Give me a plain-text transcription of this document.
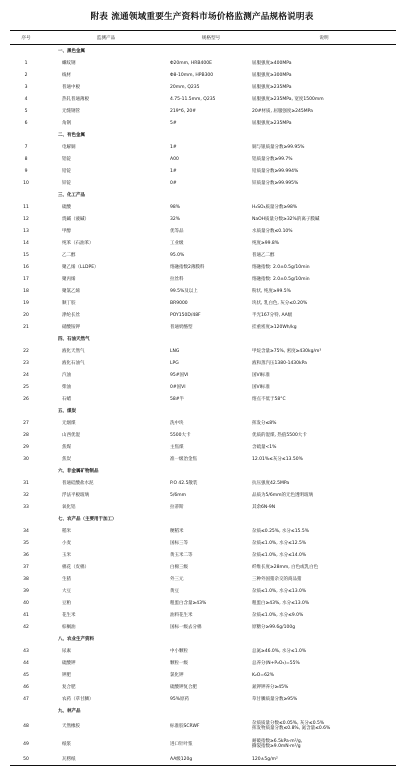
附表 流通领域重要生产资料市场价格监测产品规格说明表
序号	监测产品	规格型号	说明
	一、黑色金属		
1	螺纹钢	Φ20mm, HRB400E	屈服强度≥400MPa
2	线材	Φ8-10mm, HPB300	屈服强度≥300MPa
3	普通中板	20mm, Q235	屈服强度≥235MPa
4	热轧普通薄板	4.75-11.5mm, Q235	屈服强度≥235MPa, 宽度1500mm
5	无缝钢管	219*6, 20#	20#材质, 屈服强度≥245MPa
6	角钢	5#	屈服强度≥235MPa
	二、有色金属		
7	电解铜	1#	铜与银质量分数≥99.95%
8	铝锭	A00	铝质量分数≥99.7%
9	铅锭	1#	铅质量分数≥99.994%
10	锌锭	0#	锌质量分数≥99.995%
	三、化工产品		
11	硫酸	98%	H₂SO₄质量分数≥98%
12	烧碱（液碱）	32%	NaOH质量分数≥32%的离子膜碱
13	甲醇	优等品	水质量分数≤0.10%
14	纯苯（石油苯）	工业级	纯度≥99.8%
15	乙二醇	95.0%	普通乙二醇
16	聚乙烯（LLDPE）	熔融指数2薄膜料	熔融指数: 2.0±0.5g/10min
17	聚丙烯	拉丝料	熔融指数: 2.0±0.5g/10min
18	聚氯乙烯	99.5%及以上	粉状, 纯度≥99.5%
19	顺丁胶	BR9000	块状, 乳白色, 灰分≤0.20%
20	涤纶长丝	POY150D/48F	半光167分特, AA级
21	硝酸铵钾	普通奶酪型	挂重密度≥120Wh/kg
	四、石油天然气		
22	液化天然气	LNG	甲烷含量≥75%, 密度≥430kg/m³
23	液化石油气	LPG	液和蒸汽压1380-1430kPa
24	汽油	95#国VI	国VI标准
25	柴油	0#国VI	国VI标准
26	石蜡	58#半	熔点不低于58°C
	五、煤炭		
27	无烟煤	洗中块	挥发分≤8%
28	山西优混	5500大卡	优质的混煤, 热值5500大卡
29	焦煤	主焦煤	含硫量<1%
30	焦炭	准一级冶金焦	12.01%≤灰分≤13.50%
	六、非金属矿物制品		
31	普通硅酸盐水泥	P.O 42.5散装	抗压强度42.5MPa
32	浮法平板玻璃	5/6mm	品质为5/6mm的无色透明玻璃
33	氧化铝	拉蒂斯	其余6N-9N
	七、农产品（主要用于加工）		
34	稻米	粳稻米	杂质≤0.25%, 水分≤15.5%
35	小麦	国标三等	杂质≤1.0%, 水分≤12.5%
36	玉米	黄玉米二等	杂质≤1.0%, 水分≤14.0%
37	棉花（皮棉）	白棉三级	纤维长度≥28mm, 白色或乳白色
38	生猪	外三元	三种外国猪杂交的商品猪
39	大豆	黄豆	杂质≤1.0%, 水分≤13.0%
40	豆粕	粗蛋白含量≥43%	粗蛋白≥43%, 水分≤13.0%
41	花生米	油料花生米	杂质≤1.0%, 水分≤9.0%
42	棕榈油	国标一级去分棉	原糖分≥99.6g/100g
	八、农业生产资料		
43	尿素	中小颗粒	总氮≥46.0%, 水分≤1.0%
44	硫酸钾	颗粒一级	总养分(N+P₂O₅)=55%
45	钾肥	氯化钾	K₂O=62%
46	复合肥	硫酸钾复合肥	氮钾钾养分≥45%
47	农药（草甘膦）	95%原药	草甘膦质量分数≥95%
	九、林产品		
48	天然橡胶	标准胶SCRWF	杂质质量分数≤0.05%, 灰分≤0.5%
挥发物质量分数≤0.8%, 氮含量≤0.6%
49	纸浆	进口针叶浆	耐破指数≥6.5kPa·m²/g,
撕裂指数≥9.0mN·m²/g
50	瓦楞纸	AA级120g	120±5g/m²
